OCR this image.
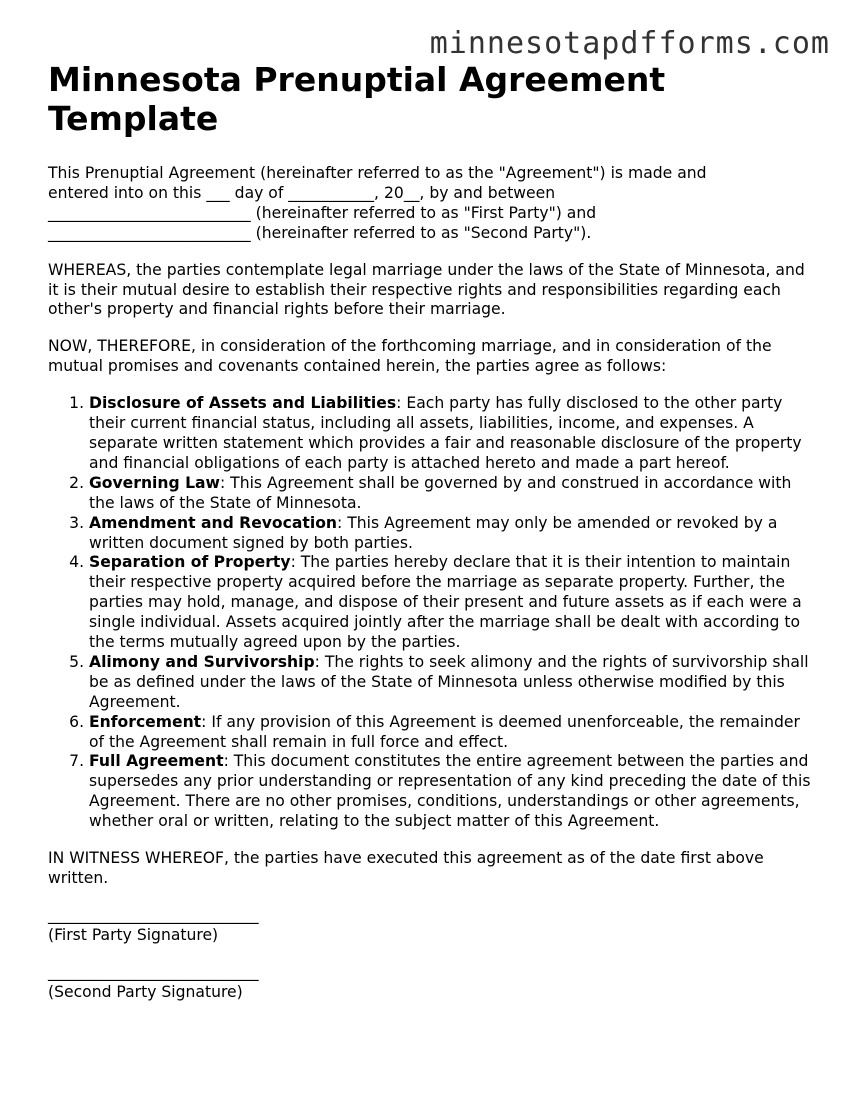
minnesotapdfforms.com
Minnesota Prenuptial Agreement Template

This Prenuptial Agreement (hereinafter referred to as the "Agreement") is made and
entered into on this ___ day of ___________, 20__, by and between
__________________________ (hereinafter referred to as "First Party") and
__________________________ (hereinafter referred to as "Second Party").

WHEREAS, the parties contemplate legal marriage under the laws of the State of Minnesota, and it is their mutual desire to establish their respective rights and responsibilities regarding each other's property and financial rights before their marriage.

NOW, THEREFORE, in consideration of the forthcoming marriage, and in consideration of the mutual promises and covenants contained herein, the parties agree as follows:

1. Disclosure of Assets and Liabilities: Each party has fully disclosed to the other party their current financial status, including all assets, liabilities, income, and expenses. A separate written statement which provides a fair and reasonable disclosure of the property and financial obligations of each party is attached hereto and made a part hereof.
2. Governing Law: This Agreement shall be governed by and construed in accordance with the laws of the State of Minnesota.
3. Amendment and Revocation: This Agreement may only be amended or revoked by a written document signed by both parties.
4. Separation of Property: The parties hereby declare that it is their intention to maintain their respective property acquired before the marriage as separate property. Further, the parties may hold, manage, and dispose of their present and future assets as if each were a single individual. Assets acquired jointly after the marriage shall be dealt with according to the terms mutually agreed upon by the parties.
5. Alimony and Survivorship: The rights to seek alimony and the rights of survivorship shall be as defined under the laws of the State of Minnesota unless otherwise modified by this Agreement.
6. Enforcement: If any provision of this Agreement is deemed unenforceable, the remainder of the Agreement shall remain in full force and effect.
7. Full Agreement: This document constitutes the entire agreement between the parties and supersedes any prior understanding or representation of any kind preceding the date of this Agreement. There are no other promises, conditions, understandings or other agreements, whether oral or written, relating to the subject matter of this Agreement.

IN WITNESS WHEREOF, the parties have executed this agreement as of the date first above written.

___________________________
(First Party Signature)
___________________________
(Second Party Signature)
